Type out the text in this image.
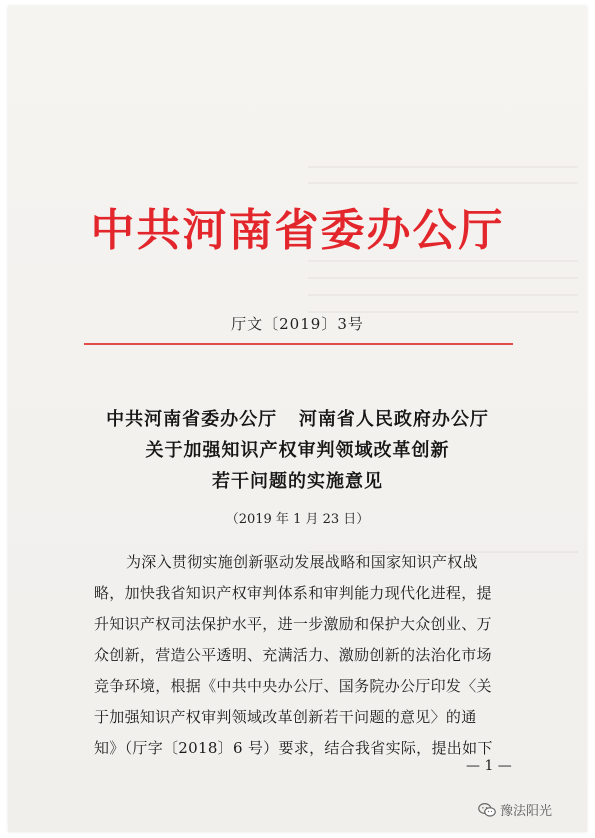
中共河南省委办公厅
厅文〔2019〕3号
中共河南省委办公厅   河南省人民政府办公厅
关于加强知识产权审判领域改革创新
若干问题的实施意见
（2019 年 1 月 23 日）
为深入贯彻实施创新驱动发展战略和国家知识产权战
略，加快我省知识产权审判体系和审判能力现代化进程，提
升知识产权司法保护水平，进一步激励和保护大众创业、万
众创新，营造公平透明、充满活力、激励创新的法治化市场
竞争环境，根据《中共中央办公厅、国务院办公厅印发〈关
于加强知识产权审判领域改革创新若干问题的意见〉的通
知》（厅字〔2018〕6 号）要求，结合我省实际，提出如下
— 1 —
豫法阳光
